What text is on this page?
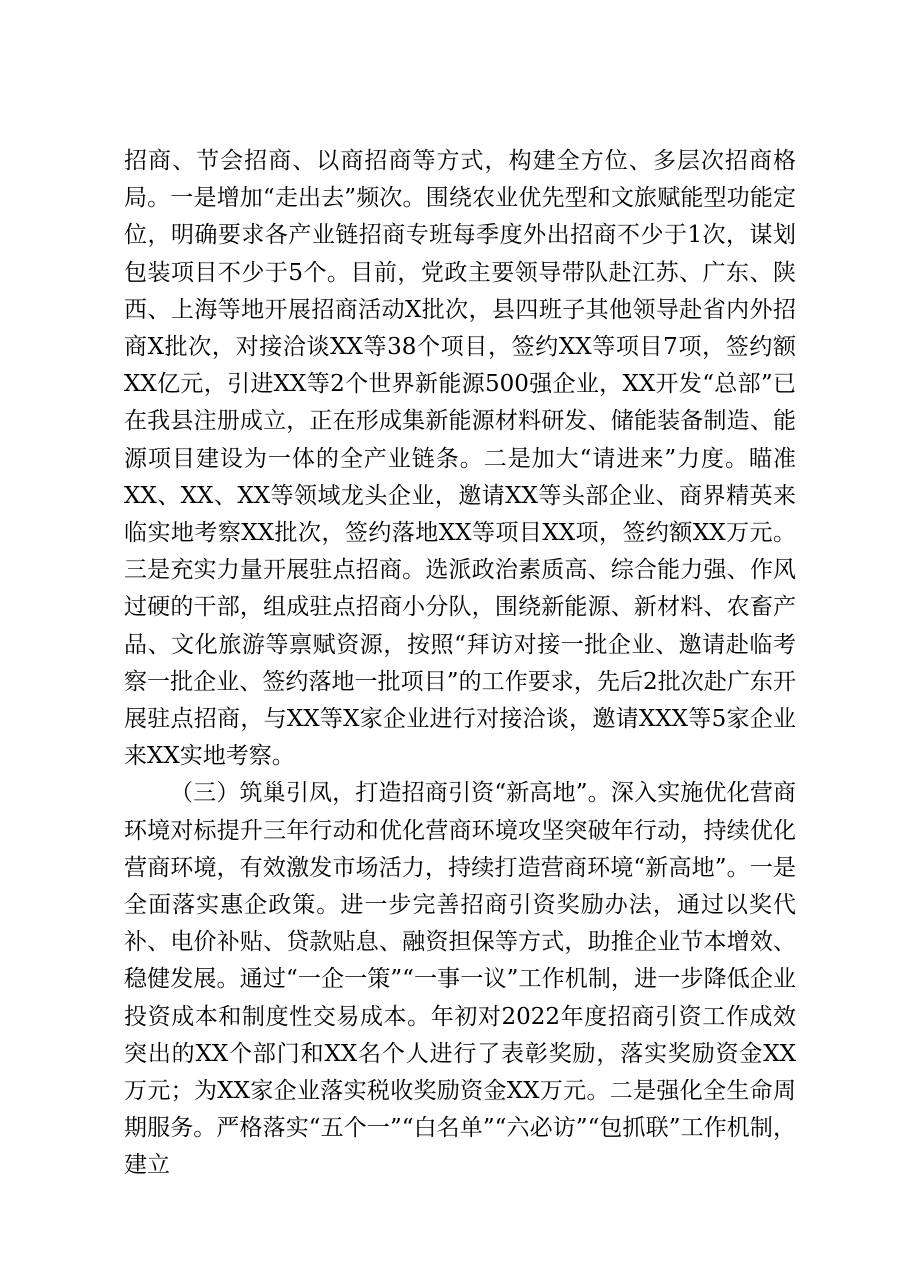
招商、节会招商、以商招商等方式，构建全方位、多层次招商格局。一是增加“走出去”频次。围绕农业优先型和文旅赋能型功能定位，明确要求各产业链招商专班每季度外出招商不少于1次，谋划包装项目不少于5个。目前，党政主要领导带队赴江苏、广东、陕西、上海等地开展招商活动X批次，县四班子其他领导赴省内外招商X批次，对接洽谈XX等38个项目，签约XX等项目7项，签约额XX亿元，引进XX等2个世界新能源500强企业，XX开发“总部”已在我县注册成立，正在形成集新能源材料研发、储能装备制造、能源项目建设为一体的全产业链条。二是加大“请进来”力度。瞄准XX、XX、XX等领域龙头企业，邀请XX等头部企业、商界精英来临实地考察XX批次，签约落地XX等项目XX项，签约额XX万元。三是充实力量开展驻点招商。选派政治素质高、综合能力强、作风过硬的干部，组成驻点招商小分队，围绕新能源、新材料、农畜产品、文化旅游等禀赋资源，按照“拜访对接一批企业、邀请赴临考察一批企业、签约落地一批项目”的工作要求，先后2批次赴广东开展驻点招商，与XX等X家企业进行对接洽谈，邀请XXX等5家企业来XX实地考察。

（三）筑巢引凤，打造招商引资“新高地”。深入实施优化营商环境对标提升三年行动和优化营商环境攻坚突破年行动，持续优化营商环境，有效激发市场活力，持续打造营商环境“新高地”。一是全面落实惠企政策。进一步完善招商引资奖励办法，通过以奖代补、电价补贴、贷款贴息、融资担保等方式，助推企业节本增效、稳健发展。通过“一企一策”“一事一议”工作机制，进一步降低企业投资成本和制度性交易成本。年初对2022年度招商引资工作成效突出的XX个部门和XX名个人进行了表彰奖励，落实奖励资金XX万元；为XX家企业落实税收奖励资金XX万元。二是强化全生命周期服务。严格落实“五个一”“白名单”“六必访”“包抓联”工作机制，建立
